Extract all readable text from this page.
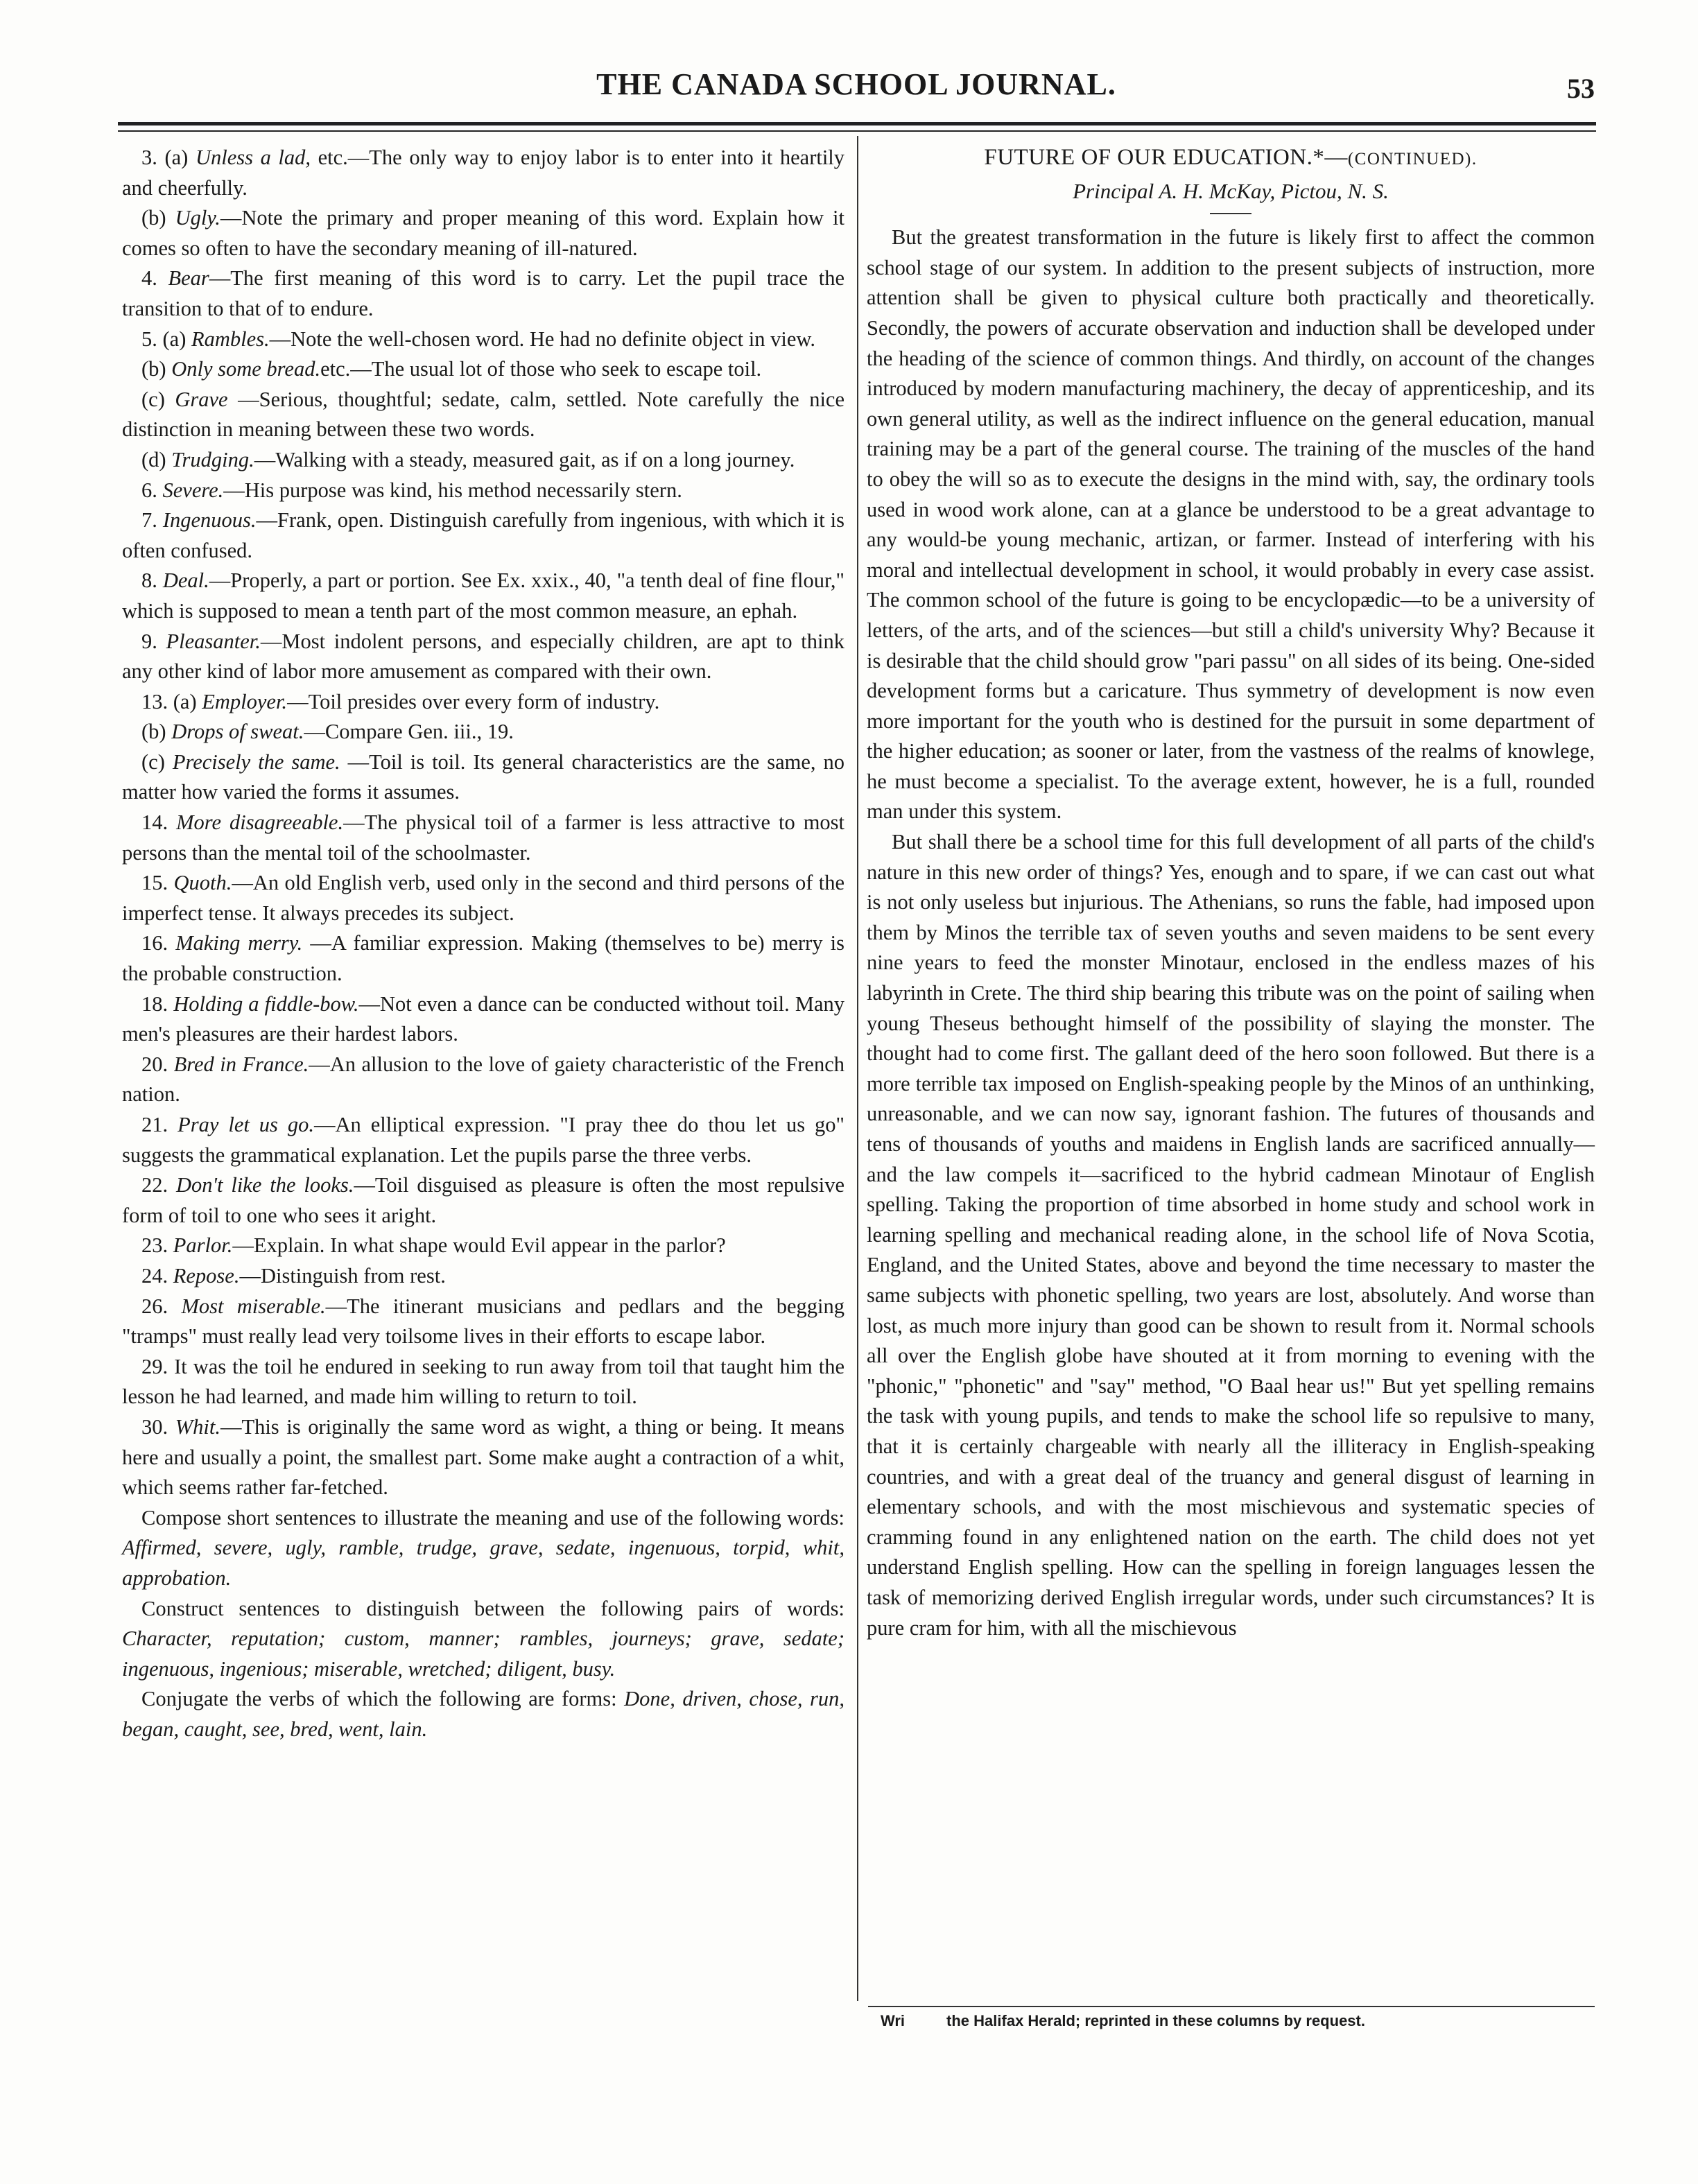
THE CANADA SCHOOL JOURNAL.	53

3. (a) Unless a lad, etc.—The only way to enjoy labor is to enter into it heartily and cheerfully.

(b) Ugly.—Note the primary and proper meaning of this word. Explain how it comes so often to have the secondary meaning of ill-natured.

4. Bear—The first meaning of this word is to carry. Let the pupil trace the transition to that of to endure.

5. (a) Rambles.—Note the well-chosen word. He had no definite object in view.

(b) Only some bread.etc.—The usual lot of those who seek to escape toil.

(c) Grave —Serious, thoughtful; sedate, calm, settled. Note carefully the nice distinction in meaning between these two words.

(d) Trudging.—Walking with a steady, measured gait, as if on a long journey.

6. Severe.—His purpose was kind, his method necessarily stern.

7. Ingenuous.—Frank, open. Distinguish carefully from ingenious, with which it is often confused.

8. Deal.—Properly, a part or portion. See Ex. xxix., 40, "a tenth deal of fine flour," which is supposed to mean a tenth part of the most common measure, an ephah.

9. Pleasanter.—Most indolent persons, and especially children, are apt to think any other kind of labor more amusement as compared with their own.

13. (a) Employer.—Toil presides over every form of industry.

(b) Drops of sweat.—Compare Gen. iii., 19.

(c) Precisely the same. —Toil is toil. Its general characteristics are the same, no matter how varied the forms it assumes.

14. More disagreeable.—The physical toil of a farmer is less attractive to most persons than the mental toil of the schoolmaster.

15. Quoth.—An old English verb, used only in the second and third persons of the imperfect tense. It always precedes its subject.

16. Making merry. —A familiar expression. Making (themselves to be) merry is the probable construction.

18. Holding a fiddle-bow.—Not even a dance can be conducted without toil. Many men's pleasures are their hardest labors.

20. Bred in France.—An allusion to the love of gaiety characteristic of the French nation.

21. Pray let us go.—An elliptical expression. "I pray thee do thou let us go" suggests the grammatical explanation. Let the pupils parse the three verbs.

22. Don't like the looks.—Toil disguised as pleasure is often the most repulsive form of toil to one who sees it aright.

23. Parlor.—Explain. In what shape would Evil appear in the parlor?

24. Repose.—Distinguish from rest.

26. Most miserable.—The itinerant musicians and pedlars and the begging "tramps" must really lead very toilsome lives in their efforts to escape labor.

29. It was the toil he endured in seeking to run away from toil that taught him the lesson he had learned, and made him willing to return to toil.

30. Whit.—This is originally the same word as wight, a thing or being. It means here and usually a point, the smallest part. Some make aught a contraction of a whit, which seems rather far-fetched.

Compose short sentences to illustrate the meaning and use of the following words: Affirmed, severe, ugly, ramble, trudge, grave, sedate, ingenuous, torpid, whit, approbation.

Construct sentences to distinguish between the following pairs of words: Character, reputation; custom, manner; rambles, journeys; grave, sedate; ingenuous, ingenious; miserable, wretched; diligent, busy.

Conjugate the verbs of which the following are forms: Done, driven, chose, run, began, caught, see, bred, went, lain.

FUTURE OF OUR EDUCATION.*—(CONTINUED).
Principal A. H. McKay, Pictou, N. S.

But the greatest transformation in the future is likely first to affect the common school stage of our system. In addition to the present subjects of instruction, more attention shall be given to physical culture both practically and theoretically. Secondly, the powers of accurate observation and induction shall be developed under the heading of the science of common things. And thirdly, on account of the changes introduced by modern manufacturing machinery, the decay of apprenticeship, and its own general utility, as well as the indirect influence on the general education, manual training may be a part of the general course. The training of the muscles of the hand to obey the will so as to execute the designs in the mind with, say, the ordinary tools used in wood work alone, can at a glance be understood to be a great advantage to any would-be young mechanic, artizan, or farmer. Instead of interfering with his moral and intellectual development in school, it would probably in every case assist. The common school of the future is going to be encyclopædic—to be a university of letters, of the arts, and of the sciences—but still a child's university Why? Because it is desirable that the child should grow "pari passu" on all sides of its being. One-sided development forms but a caricature. Thus symmetry of development is now even more important for the youth who is destined for the pursuit in some department of the higher education; as sooner or later, from the vastness of the realms of knowlege, he must become a specialist. To the average extent, however, he is a full, rounded man under this system.

But shall there be a school time for this full development of all parts of the child's nature in this new order of things? Yes, enough and to spare, if we can cast out what is not only useless but injurious. The Athenians, so runs the fable, had imposed upon them by Minos the terrible tax of seven youths and seven maidens to be sent every nine years to feed the monster Minotaur, enclosed in the endless mazes of his labyrinth in Crete. The third ship bearing this tribute was on the point of sailing when young Theseus bethought himself of the possibility of slaying the monster. The thought had to come first. The gallant deed of the hero soon followed. But there is a more terrible tax imposed on English-speaking people by the Minos of an unthinking, unreasonable, and we can now say, ignorant fashion. The futures of thousands and tens of thousands of youths and maidens in English lands are sacrificed annually—and the law compels it—sacrificed to the hybrid cadmean Minotaur of English spelling. Taking the proportion of time absorbed in home study and school work in learning spelling and mechanical reading alone, in the school life of Nova Scotia, England, and the United States, above and beyond the time necessary to master the same subjects with phonetic spelling, two years are lost, absolutely. And worse than lost, as much more injury than good can be shown to result from it. Normal schools all over the English globe have shouted at it from morning to evening with the "phonic," "phonetic" and "say" method, "O Baal hear us!" But yet spelling remains the task with young pupils, and tends to make the school life so repulsive to many, that it is certainly chargeable with nearly all the illiteracy in English-speaking countries, and with a great deal of the truancy and general disgust of learning in elementary schools, and with the most mischievous and systematic species of cramming found in any enlightened nation on the earth. The child does not yet understand English spelling. How can the spelling in foreign languages lessen the task of memorizing derived English irregular words, under such circumstances? It is pure cram for him, with all the mischievous

Wri	the Halifax Herald; reprinted in these columns by request.
